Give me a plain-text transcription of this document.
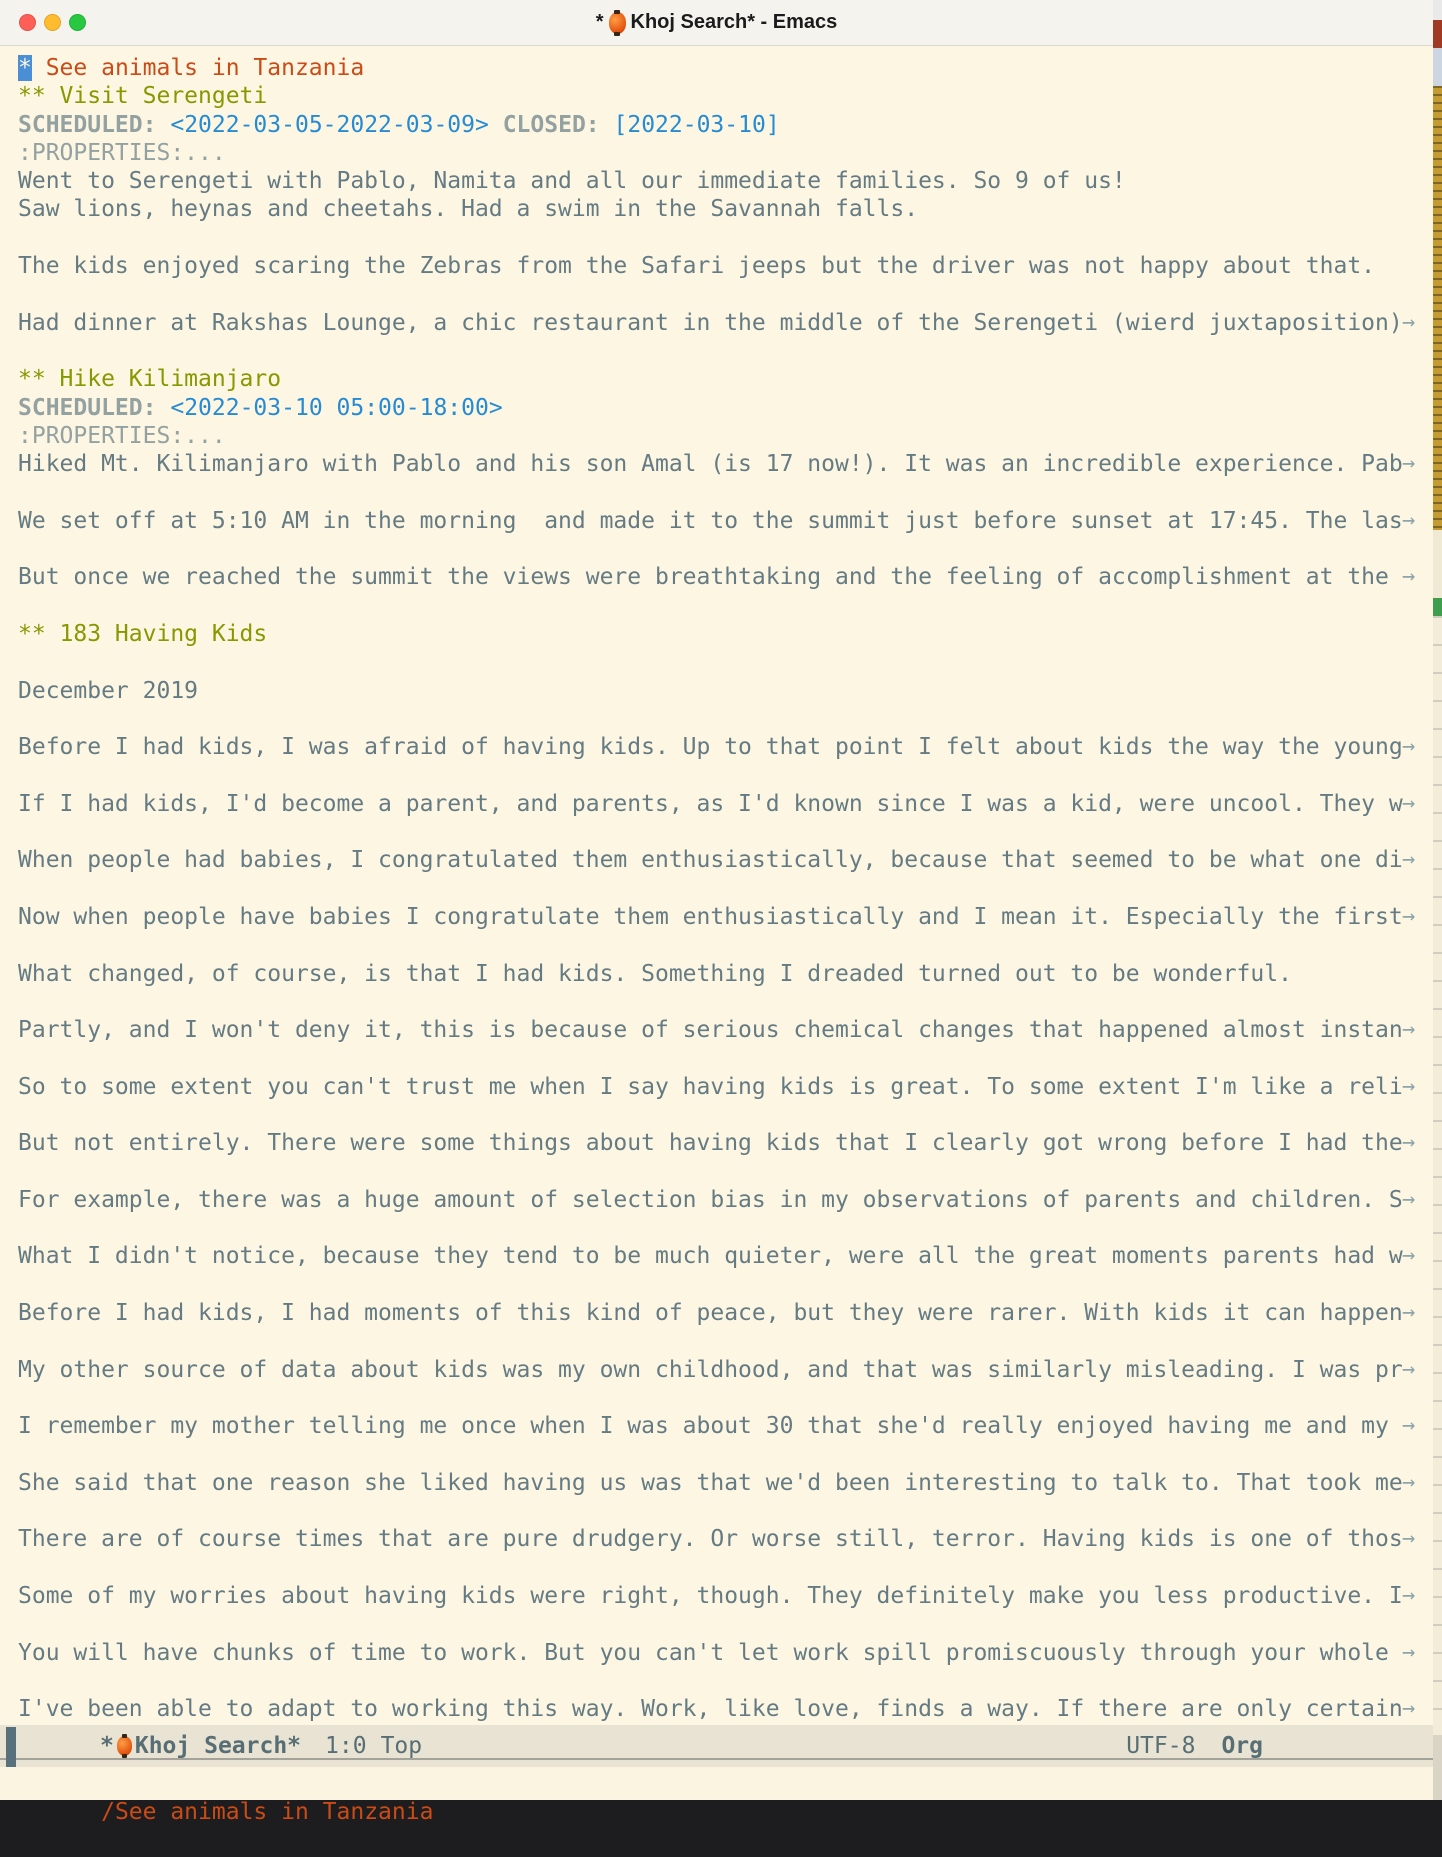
* Khoj Search* - Emacs
* See animals in Tanzania
** Visit Serengeti
SCHEDULED: <2022-03-05-2022-03-09> CLOSED: [2022-03-10]
:PROPERTIES:...
Went to Serengeti with Pablo, Namita and all our immediate families. So 9 of us!
Saw lions, heynas and cheetahs. Had a swim in the Savannah falls.
The kids enjoyed scaring the Zebras from the Safari jeeps but the driver was not happy about that.
Had dinner at Rakshas Lounge, a chic restaurant in the middle of the Serengeti (wierd juxtaposition) →
** Hike Kilimanjaro
SCHEDULED: <2022-03-10 05:00-18:00>
:PROPERTIES:...
Hiked Mt. Kilimanjaro with Pablo and his son Amal (is 17 now!). It was an incredible experience. Pab →
We set off at 5:10 AM in the morning  and made it to the summit just before sunset at 17:45. The las →
But once we reached the summit the views were breathtaking and the feeling of accomplishment at the →
** 183 Having Kids
December 2019
Before I had kids, I was afraid of having kids. Up to that point I felt about kids the way the young →
If I had kids, I'd become a parent, and parents, as I'd known since I was a kid, were uncool. They w →
When people had babies, I congratulated them enthusiastically, because that seemed to be what one di →
Now when people have babies I congratulate them enthusiastically and I mean it. Especially the first →
What changed, of course, is that I had kids. Something I dreaded turned out to be wonderful.
Partly, and I won't deny it, this is because of serious chemical changes that happened almost instan →
So to some extent you can't trust me when I say having kids is great. To some extent I'm like a reli →
But not entirely. There were some things about having kids that I clearly got wrong before I had the →
For example, there was a huge amount of selection bias in my observations of parents and children. S →
What I didn't notice, because they tend to be much quieter, were all the great moments parents had w →
Before I had kids, I had moments of this kind of peace, but they were rarer. With kids it can happen →
My other source of data about kids was my own childhood, and that was similarly misleading. I was pr →
I remember my mother telling me once when I was about 30 that she'd really enjoyed having me and my →
She said that one reason she liked having us was that we'd been interesting to talk to. That took me →
There are of course times that are pure drudgery. Or worse still, terror. Having kids is one of thos →
Some of my worries about having kids were right, though. They definitely make you less productive. I →
You will have chunks of time to work. But you can't let work spill promiscuously through your whole →
I've been able to adapt to working this way. Work, like love, finds a way. If there are only certain →
* Khoj Search* 1:0 Top	UTF-8 Org

/See animals in Tanzania
